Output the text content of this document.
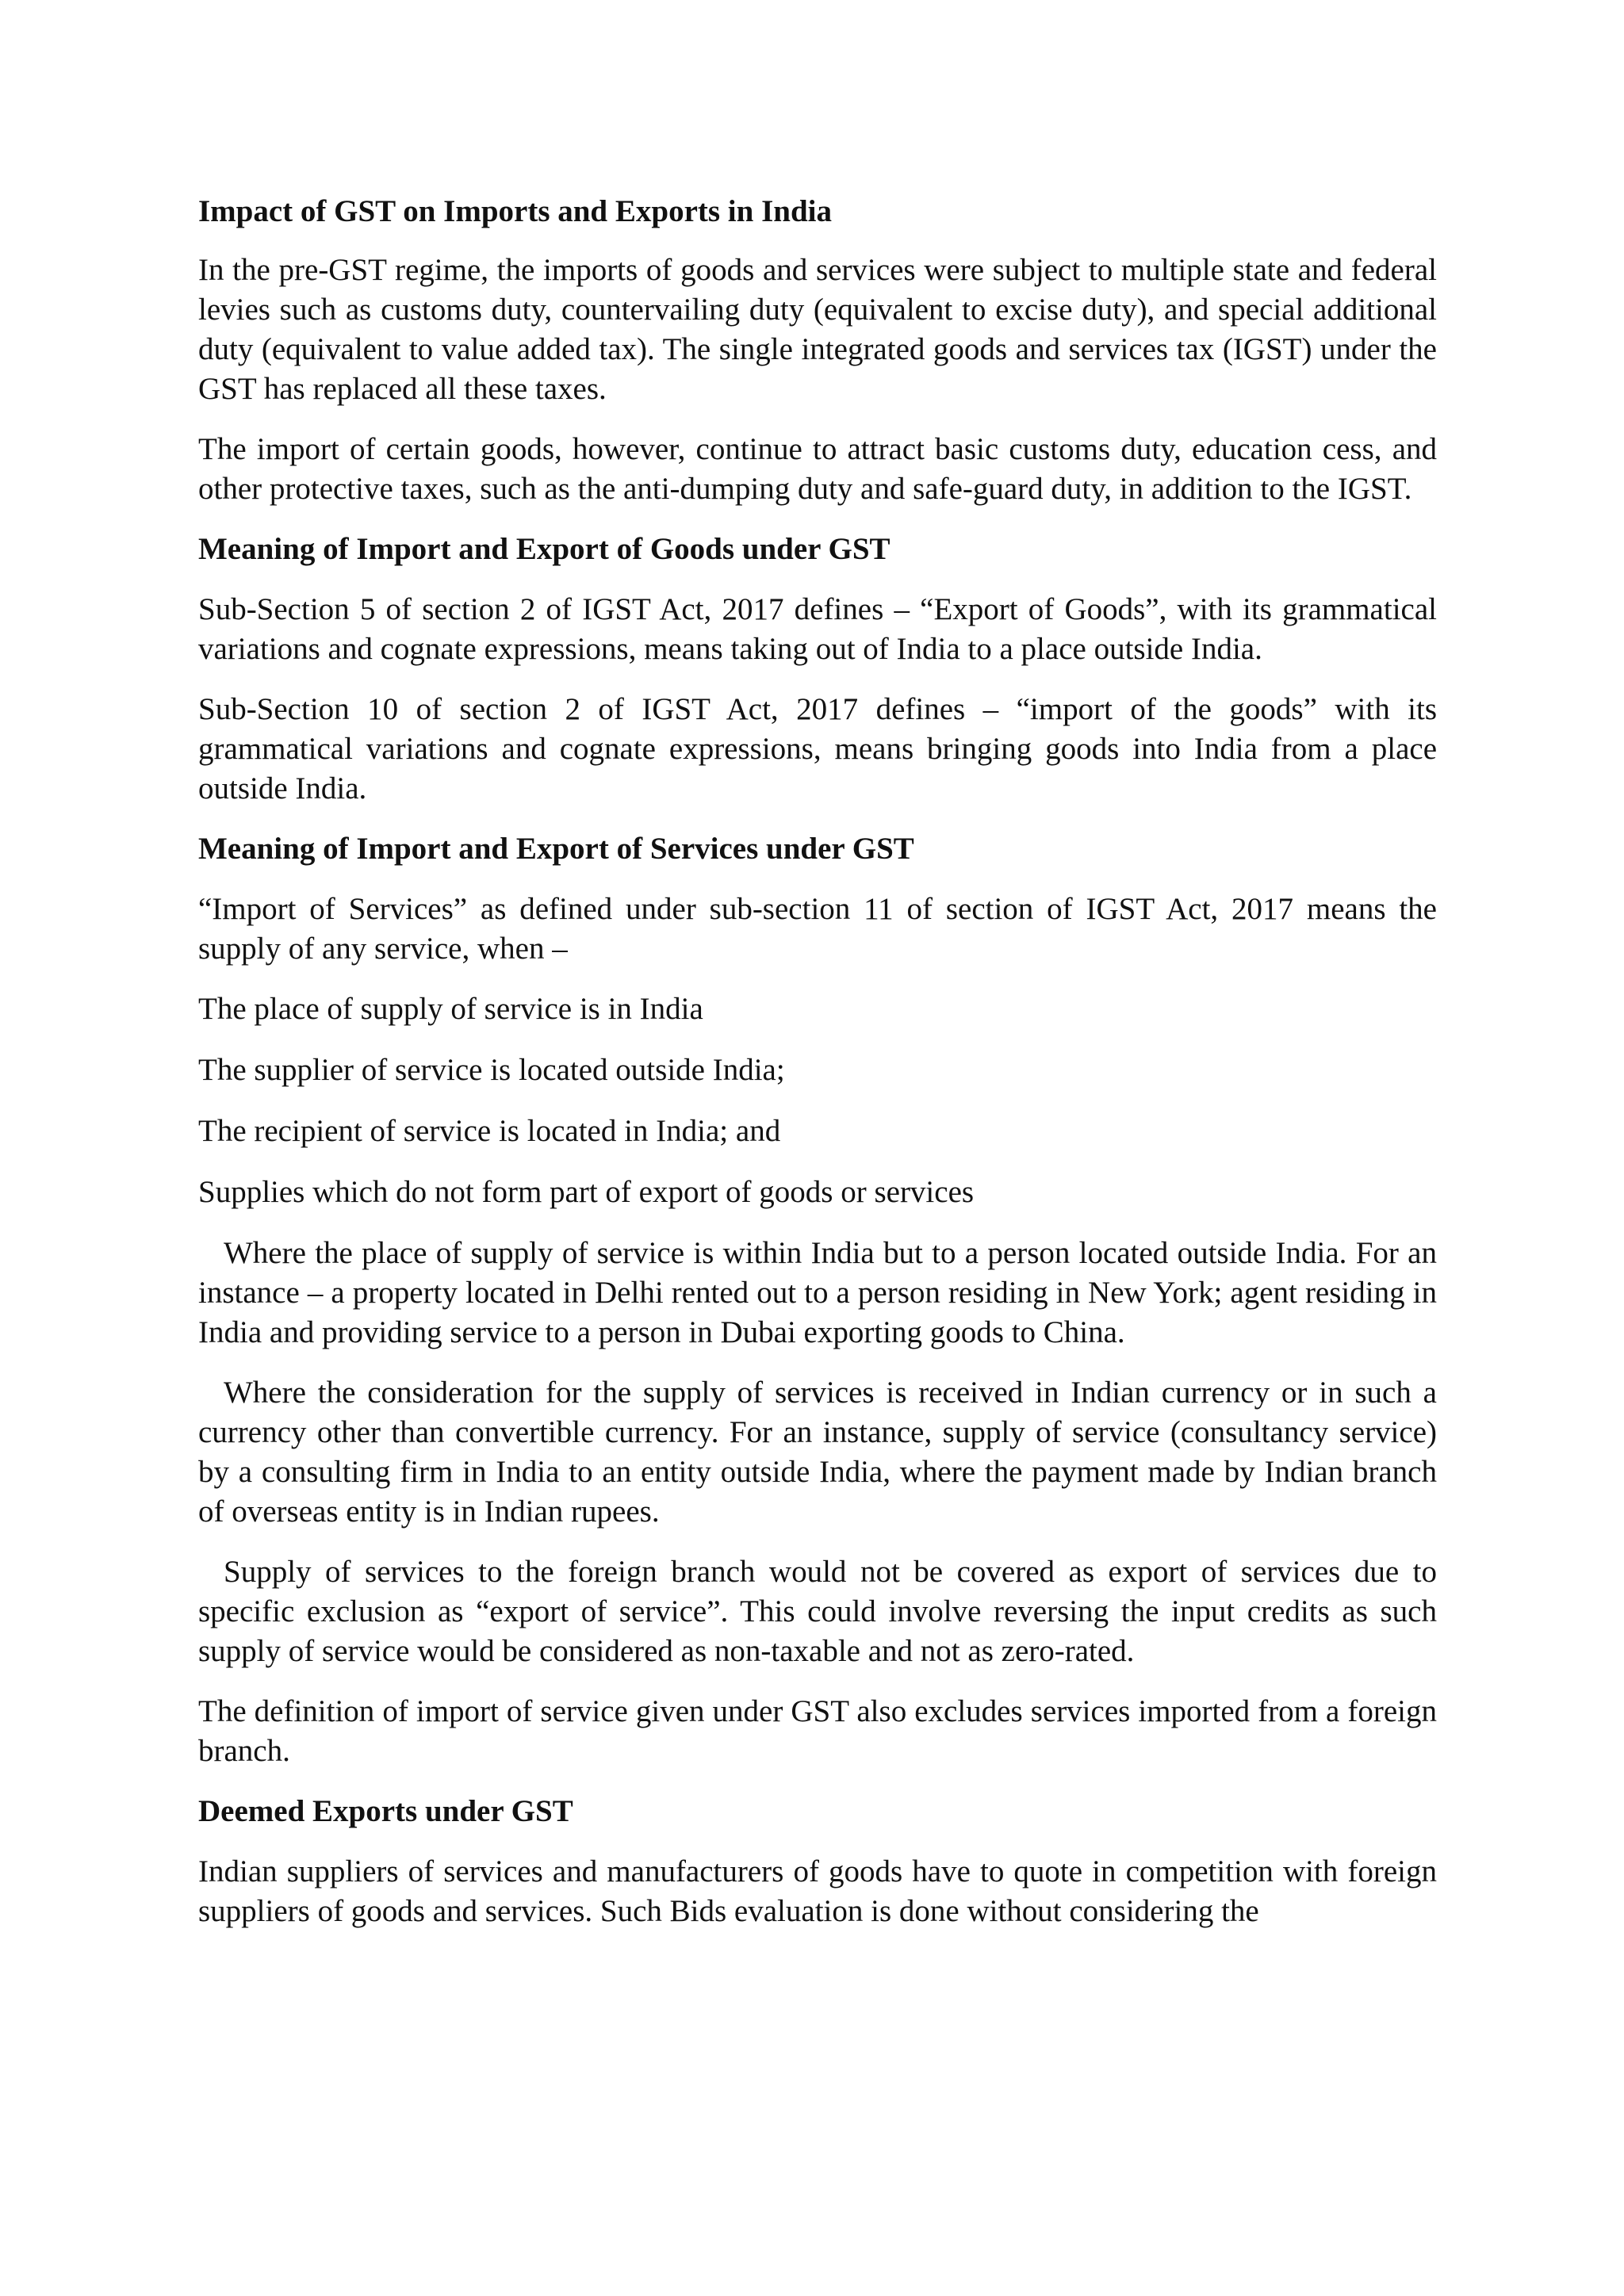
Impact of GST on Imports and Exports in India

In the pre-GST regime, the imports of goods and services were subject to multiple state and federal levies such as customs duty, countervailing duty (equivalent to excise duty), and special additional duty (equivalent to value added tax). The single integrated goods and services tax (IGST) under the GST has replaced all these taxes.

The import of certain goods, however, continue to attract basic customs duty, education cess, and other protective taxes, such as the anti-dumping duty and safe-guard duty, in addition to the IGST.

Meaning of Import and Export of Goods under GST

Sub-Section 5 of section 2 of IGST Act, 2017 defines – “Export of Goods”, with its grammatical variations and cognate expressions, means taking out of India to a place outside India.

Sub-Section 10 of section 2 of IGST Act, 2017 defines – “import of the goods” with its grammatical variations and cognate expressions, means bringing goods into India from a place outside India.

Meaning of Import and Export of Services under GST

“Import of Services” as defined under sub-section 11 of section of IGST Act, 2017 means the supply of any service, when –

The place of supply of service is in India

The supplier of service is located outside India;

The recipient of service is located in India; and

Supplies which do not form part of export of goods or services

Where the place of supply of service is within India but to a person located outside India. For an instance – a property located in Delhi rented out to a person residing in New York; agent residing in India and providing service to a person in Dubai exporting goods to China.

Where the consideration for the supply of services is received in Indian currency or in such a currency other than convertible currency. For an instance, supply of service (consultancy service) by a consulting firm in India to an entity outside India, where the payment made by Indian branch of overseas entity is in Indian rupees.

Supply of services to the foreign branch would not be covered as export of services due to specific exclusion as “export of service”. This could involve reversing the input credits as such supply of service would be considered as non-taxable and not as zero-rated.

The definition of import of service given under GST also excludes services imported from a foreign branch.

Deemed Exports under GST

Indian suppliers of services and manufacturers of goods have to quote in competition with foreign suppliers of goods and services. Such Bids evaluation is done without considering the
